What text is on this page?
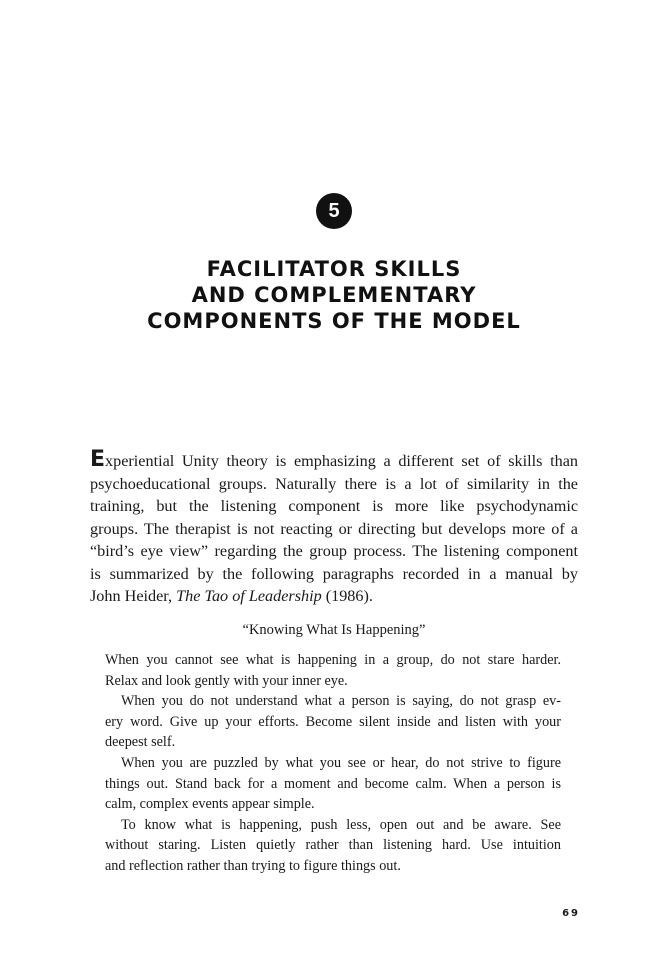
5
FACILITATOR SKILLS
AND COMPLEMENTARY
COMPONENTS OF THE MODEL
Experiential Unity theory is emphasizing a different set of skills than
psychoeducational groups. Naturally there is a lot of similarity in the
training, but the listening component is more like psychodynamic
groups. The therapist is not reacting or directing but develops more of a
“bird’s eye view” regarding the group process. The listening component
is summarized by the following paragraphs recorded in a manual by
John Heider, The Tao of Leadership (1986).
“Knowing What Is Happening”
When you cannot see what is happening in a group, do not stare harder.
Relax and look gently with your inner eye.
When you do not understand what a person is saying, do not grasp ev-
ery word. Give up your efforts. Become silent inside and listen with your
deepest self.
When you are puzzled by what you see or hear, do not strive to figure
things out. Stand back for a moment and become calm. When a person is
calm, complex events appear simple.
To know what is happening, push less, open out and be aware. See
without staring. Listen quietly rather than listening hard. Use intuition
and reflection rather than trying to figure things out.
69
